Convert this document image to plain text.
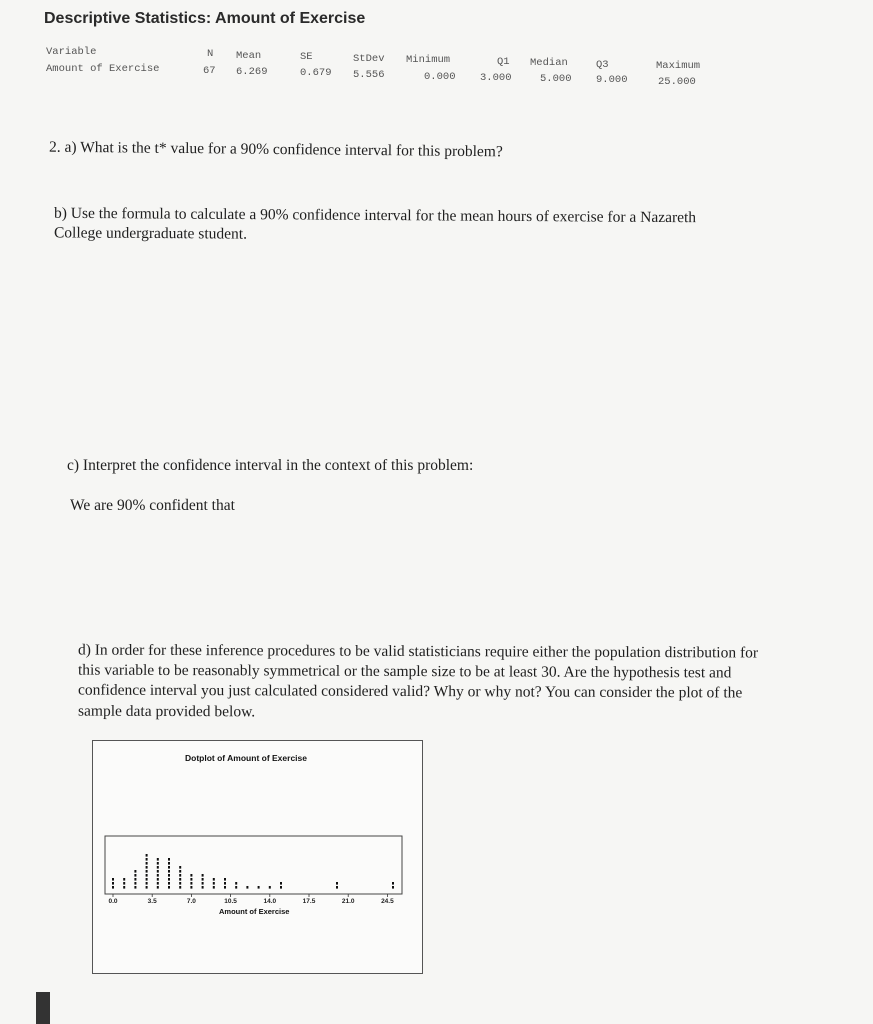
Descriptive Statistics: Amount of Exercise
Variable	N Mean	SE	StDev Minimum	Q1 Median	Q3	Maximum
Amount of Exercise	67 6.269	0.679 5.556	0.000 3.000	5.000 9.000	25.000
2. a) What is the t* value for a 90% confidence interval for this problem?
b) Use the formula to calculate a 90% confidence interval for the mean hours of exercise for a Nazareth
College undergraduate student.
c) Interpret the confidence interval in the context of this problem:
We are 90% confident that
d) In order for these inference procedures to be valid statisticians require either the population distribution for
this variable to be reasonably symmetrical or the sample size to be at least 30. Are the hypothesis test and
confidence interval you just calculated considered valid? Why or why not? You can consider the plot of the
sample data provided below.
Dotplot of Amount of Exercise
0.0	3.5	7.0	10.5	14.0	17.5	21.0	24.5
Amount of Exercise
